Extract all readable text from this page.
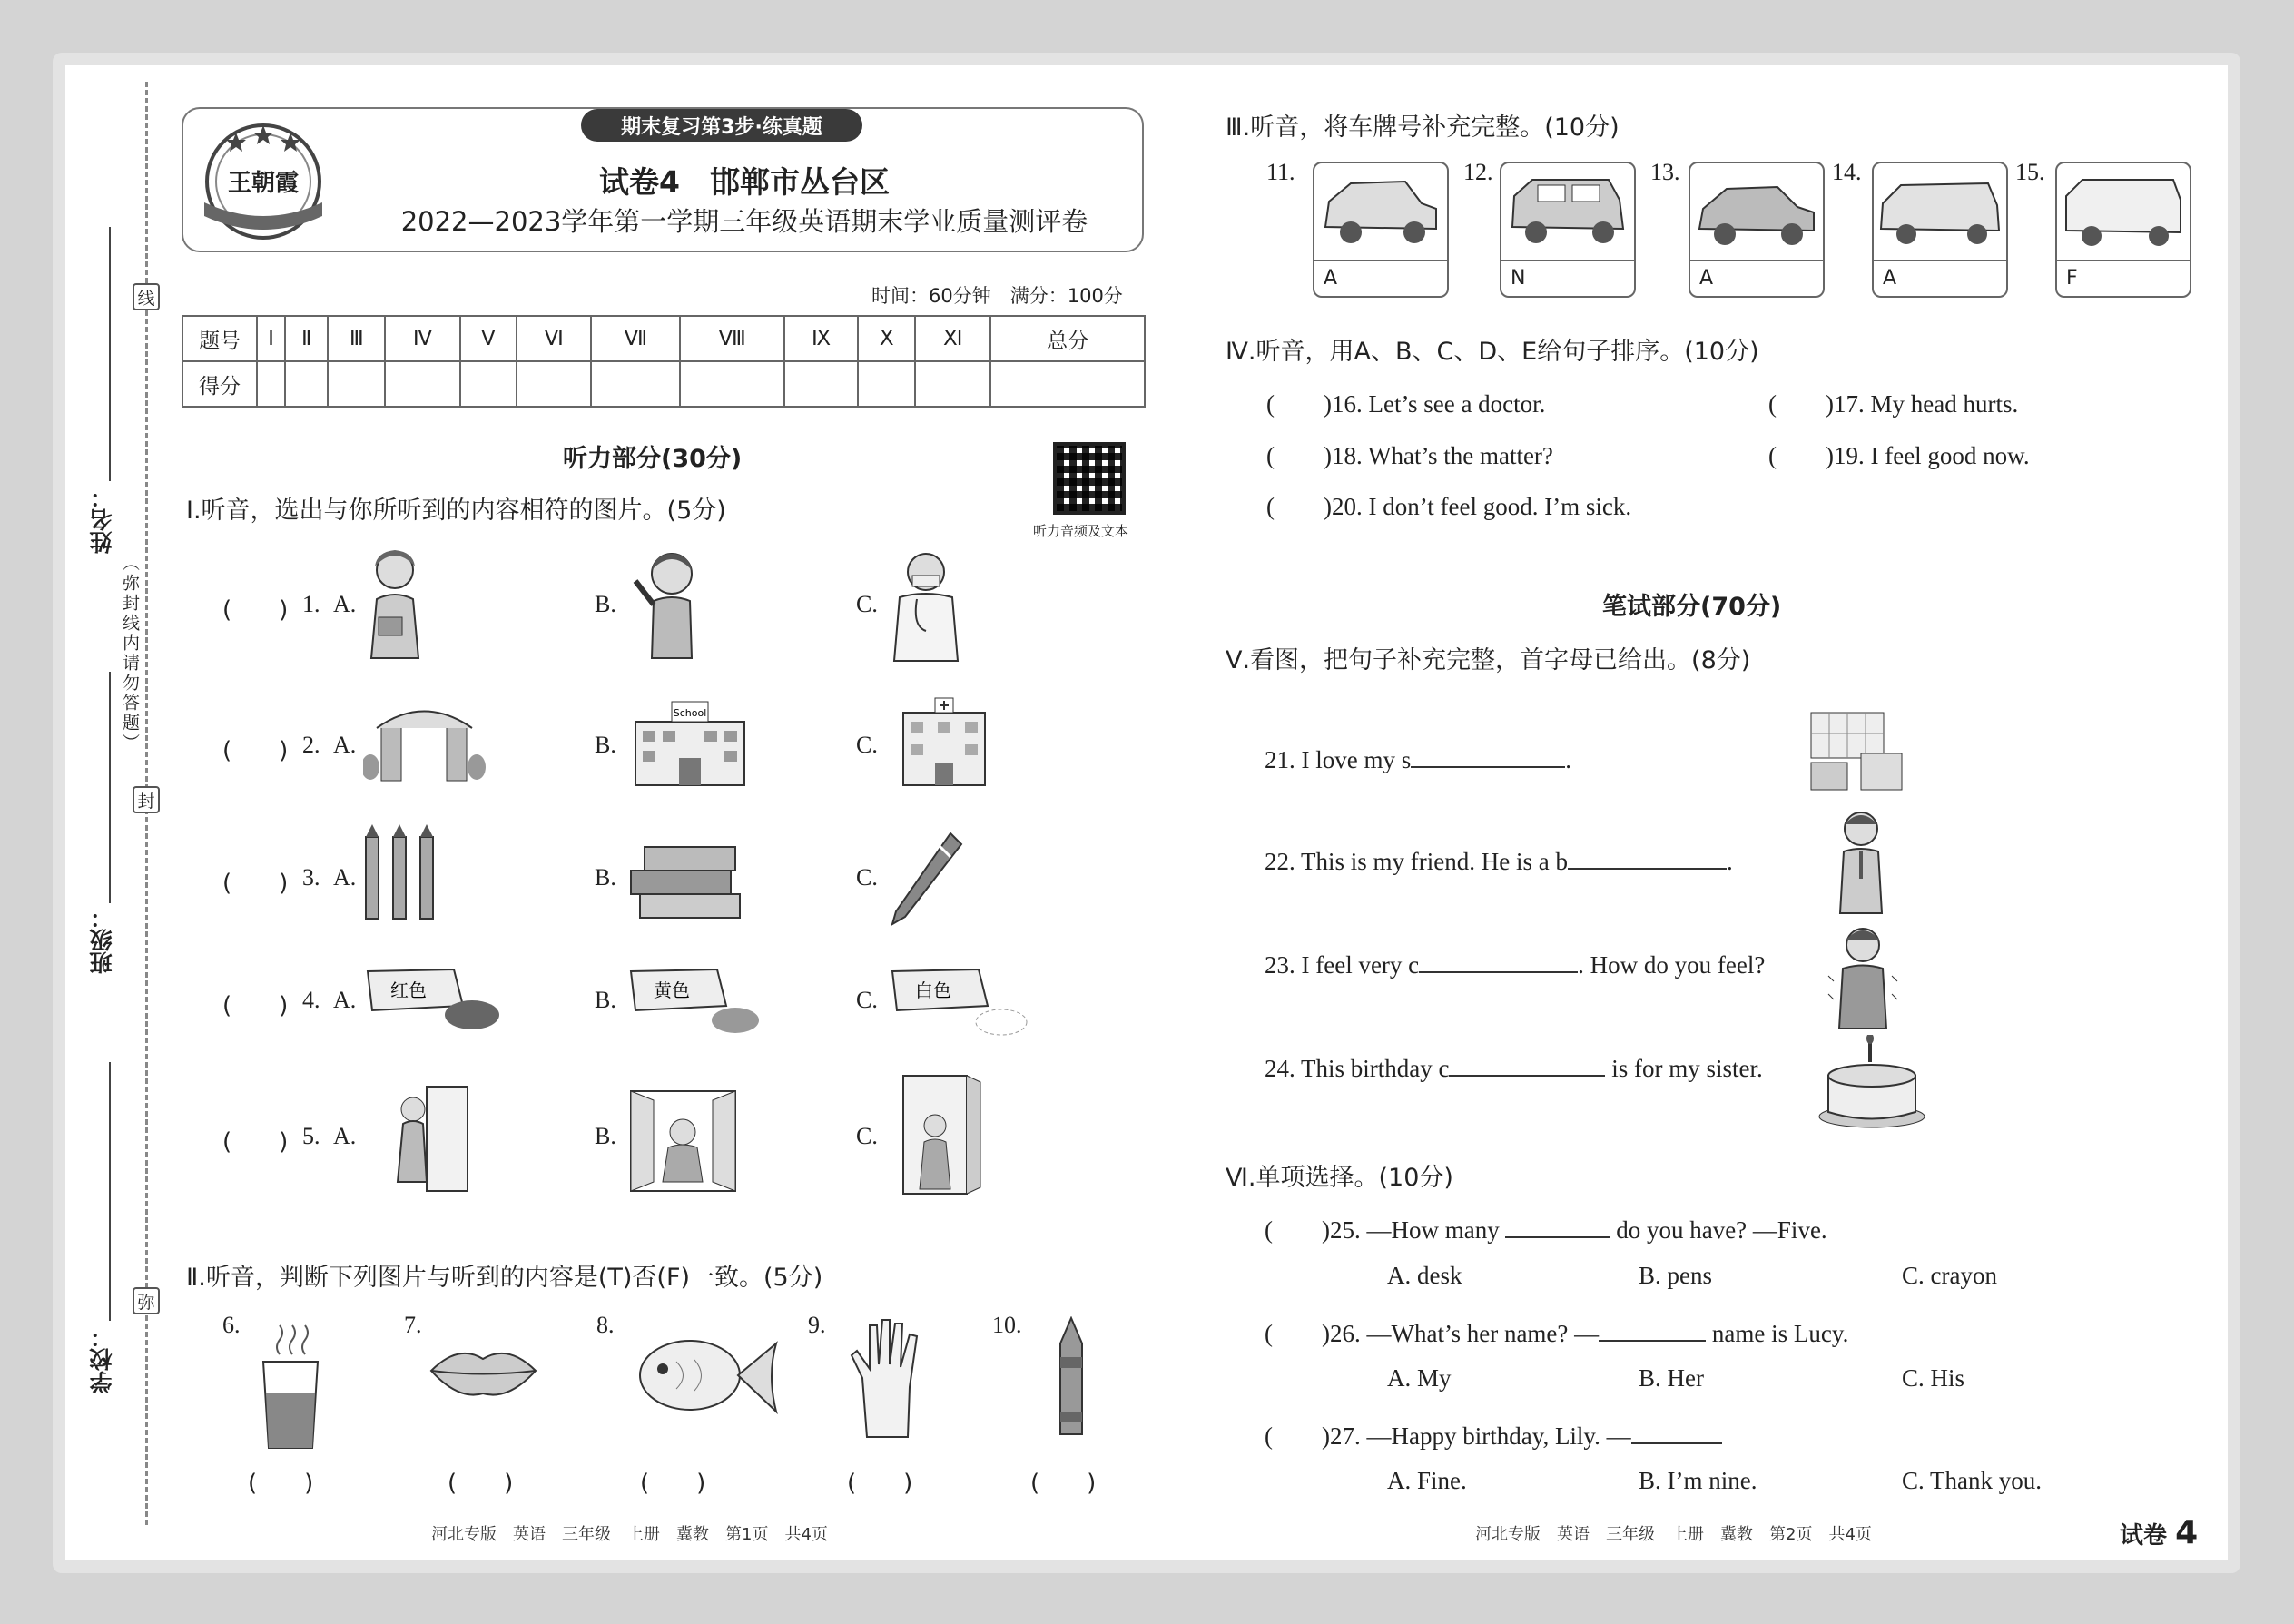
线
封
弥
（弥封线内请勿答题）
姓名：
班级：
学校：
王朝霞
期末复习第3步·练真题
试卷4　邯郸市丛台区
2022—2023学年第一学期三年级英语期末学业质量测评卷
时间：60分钟　满分：100分
题号	Ⅰ	Ⅱ	Ⅲ	Ⅳ	Ⅴ	Ⅵ	Ⅶ	Ⅷ	Ⅸ	Ⅹ	Ⅺ	总分
得分												
听力部分(30分)
听力音频及文本
Ⅰ.听音，选出与你所听到的内容相符的图片。(5分)
(　　) 1. A.	B.	C.
(　　) 2. A.	B.
School
C.
(　　) 3. A.	B.	C.
(　　) 4. A. 红色	B. 黄色	C. 白色
(　　) 5. A.	B.	C.
Ⅱ.听音，判断下列图片与听到的内容是(T)否(F)一致。(5分)
6.	7.	8.	9.	10.
(　　)	(　　)	(　　)	(　　)	(　　)
河北专版　英语　三年级　上册　冀教　第1页　共4页
Ⅲ.听音，将车牌号补充完整。(10分)
11.
A
12.
N
13.
A
14.
A
15.
F
Ⅳ.听音，用A、B、C、D、E给句子排序。(10分)
(　　)16. Let’s see a doctor.	(　　)17. My head hurts.
(　　)18. What’s the matter?	(　　)19. I feel good now.
(　　)20. I don’t feel good. I’m sick.
笔试部分(70分)
Ⅴ.看图，把句子补充完整，首字母已给出。(8分)
21. I love my s	.
22. This is my friend. He is a b	.
23. I feel very c	. How do you feel?
24. This birthday c	is for my sister.
Ⅵ.单项选择。(10分)
(　　)25. —How many	do you have? —Five.
A. desk	B. pens	C. crayon
(　　)26. —What’s her name? —	name is Lucy.
A. My	B. Her	C. His
(　　)27. —Happy birthday, Lily. —
A. Fine.	B. I’m nine.	C. Thank you.
河北专版　英语　三年级　上册　冀教　第2页　共4页	试卷 4
